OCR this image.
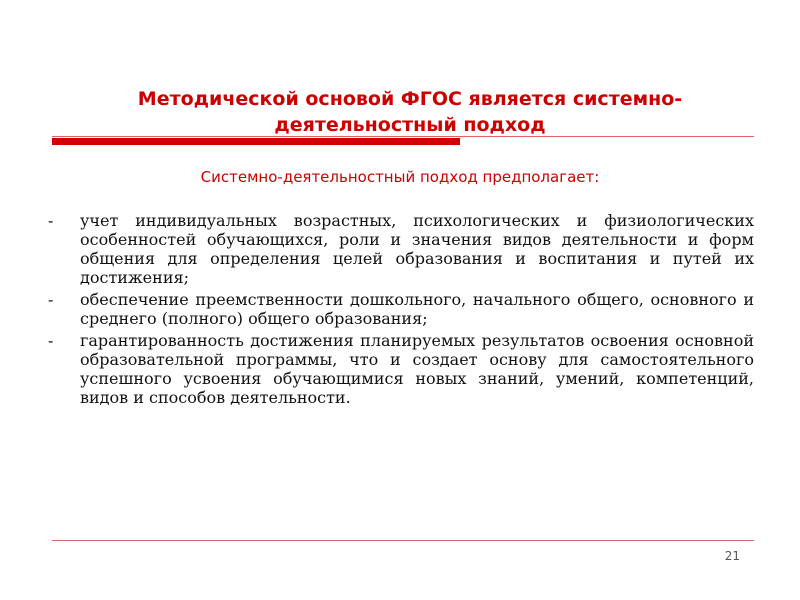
Методической основой ФГОС является системно-деятельностный подход

Системно-деятельностный подход предполагает:

-	учет индивидуальных возрастных, психологических и физиологических особенностей обучающихся, роли и значения видов деятельности и форм общения для определения целей образования и воспитания и путей их достижения;
-	обеспечение преемственности дошкольного, начального общего, основного и среднего (полного) общего образования;
-	гарантированность достижения планируемых результатов освоения основной образовательной программы, что и создает основу для самостоятельного успешного усвоения обучающимися новых знаний, умений, компетенций, видов и способов деятельности.

21
